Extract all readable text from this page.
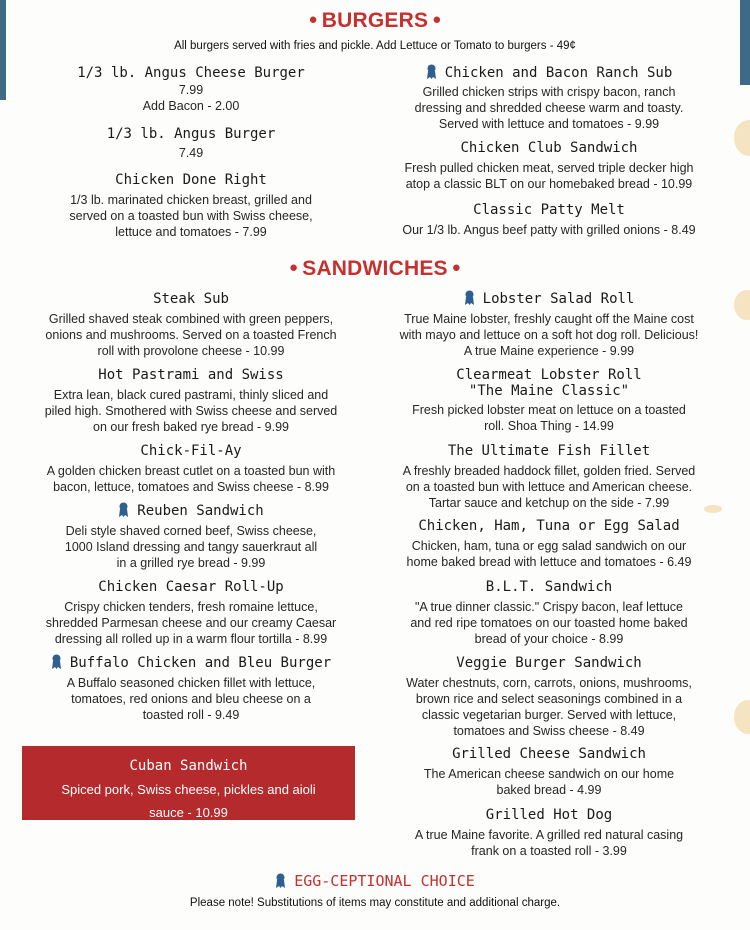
● BURGERS ●
All burgers served with fries and pickle. Add Lettuce or Tomato to burgers - 49¢
1/3 lb. Angus Cheese Burger
7.99
Add Bacon - 2.00
1/3 lb. Angus Burger
7.49
Chicken Done Right
1/3 lb. marinated chicken breast, grilled and
served on a toasted bun with Swiss cheese,
lettuce and tomatoes - 7.99
Chicken and Bacon Ranch Sub
Grilled chicken strips with crispy bacon, ranch
dressing and shredded cheese warm and toasty.
Served with lettuce and tomatoes - 9.99
Chicken Club Sandwich
Fresh pulled chicken meat, served triple decker high
atop a classic BLT on our homebaked bread - 10.99
Classic Patty Melt
Our 1/3 lb. Angus beef patty with grilled onions - 8.49
● SANDWICHES ●
Steak Sub
Grilled shaved steak combined with green peppers,
onions and mushrooms. Served on a toasted French
roll with provolone cheese - 10.99
Hot Pastrami and Swiss
Extra lean, black cured pastrami, thinly sliced and
piled high. Smothered with Swiss cheese and served
on our fresh baked rye bread - 9.99
Chick-Fil-Ay
A golden chicken breast cutlet on a toasted bun with
bacon, lettuce, tomatoes and Swiss cheese - 8.99
Reuben Sandwich
Deli style shaved corned beef, Swiss cheese,
1000 Island dressing and tangy sauerkraut all
in a grilled rye bread - 9.99
Chicken Caesar Roll-Up
Crispy chicken tenders, fresh romaine lettuce,
shredded Parmesan cheese and our creamy Caesar
dressing all rolled up in a warm flour tortilla - 8.99
Buffalo Chicken and Bleu Burger
A Buffalo seasoned chicken fillet with lettuce,
tomatoes, red onions and bleu cheese on a
toasted roll - 9.49
Cuban Sandwich
Spiced pork, Swiss cheese, pickles and aioli
sauce - 10.99
Lobster Salad Roll
True Maine lobster, freshly caught off the Maine cost
with mayo and lettuce on a soft hot dog roll. Delicious!
A true Maine experience - 9.99
Clearmeat Lobster Roll
"The Maine Classic"
Fresh picked lobster meat on lettuce on a toasted
roll. Shoa Thing - 14.99
The Ultimate Fish Fillet
A freshly breaded haddock fillet, golden fried. Served
on a toasted bun with lettuce and American cheese.
Tartar sauce and ketchup on the side - 7.99
Chicken, Ham, Tuna or Egg Salad
Chicken, ham, tuna or egg salad sandwich on our
home baked bread with lettuce and tomatoes - 6.49
B.L.T. Sandwich
"A true dinner classic." Crispy bacon, leaf lettuce
and red ripe tomatoes on our toasted home baked
bread of your choice - 8.99
Veggie Burger Sandwich
Water chestnuts, corn, carrots, onions, mushrooms,
brown rice and select seasonings combined in a
classic vegetarian burger. Served with lettuce,
tomatoes and Swiss cheese - 8.49
Grilled Cheese Sandwich
The American cheese sandwich on our home
baked bread - 4.99
Grilled Hot Dog
A true Maine favorite. A grilled red natural casing
frank on a toasted roll - 3.99
EGG-CEPTIONAL CHOICE
Please note! Substitutions of items may constitute and additional charge.
